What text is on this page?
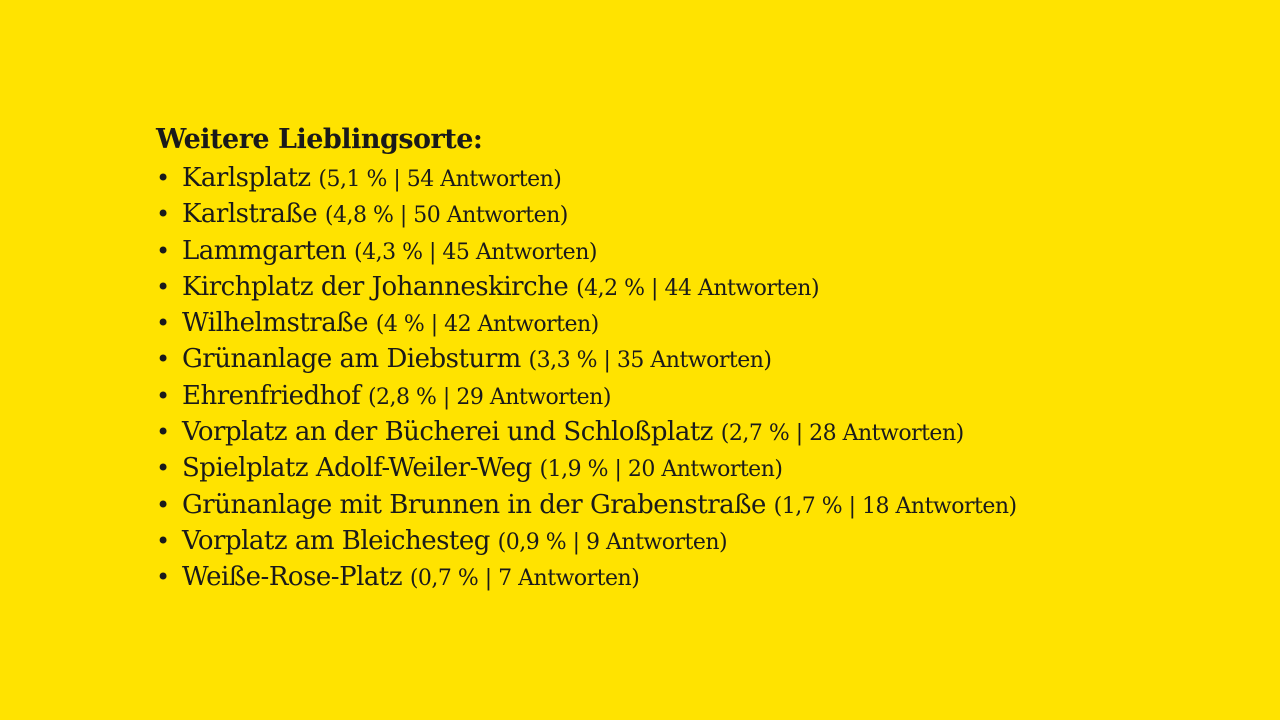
Weitere Lieblingsorte:
• Karlsplatz (5,1 % | 54 Antworten)
• Karlstraße (4,8 % | 50 Antworten)
• Lammgarten (4,3 % | 45 Antworten)
• Kirchplatz der Johanneskirche (4,2 % | 44 Antworten)
• Wilhelmstraße (4 % | 42 Antworten)
• Grünanlage am Diebsturm (3,3 % | 35 Antworten)
• Ehrenfriedhof (2,8 % | 29 Antworten)
• Vorplatz an der Bücherei und Schloßplatz (2,7 % | 28 Antworten)
• Spielplatz Adolf-Weiler-Weg (1,9 % | 20 Antworten)
• Grünanlage mit Brunnen in der Grabenstraße (1,7 % | 18 Antworten)
• Vorplatz am Bleichesteg (0,9 % | 9 Antworten)
• Weiße-Rose-Platz (0,7 % | 7 Antworten)
